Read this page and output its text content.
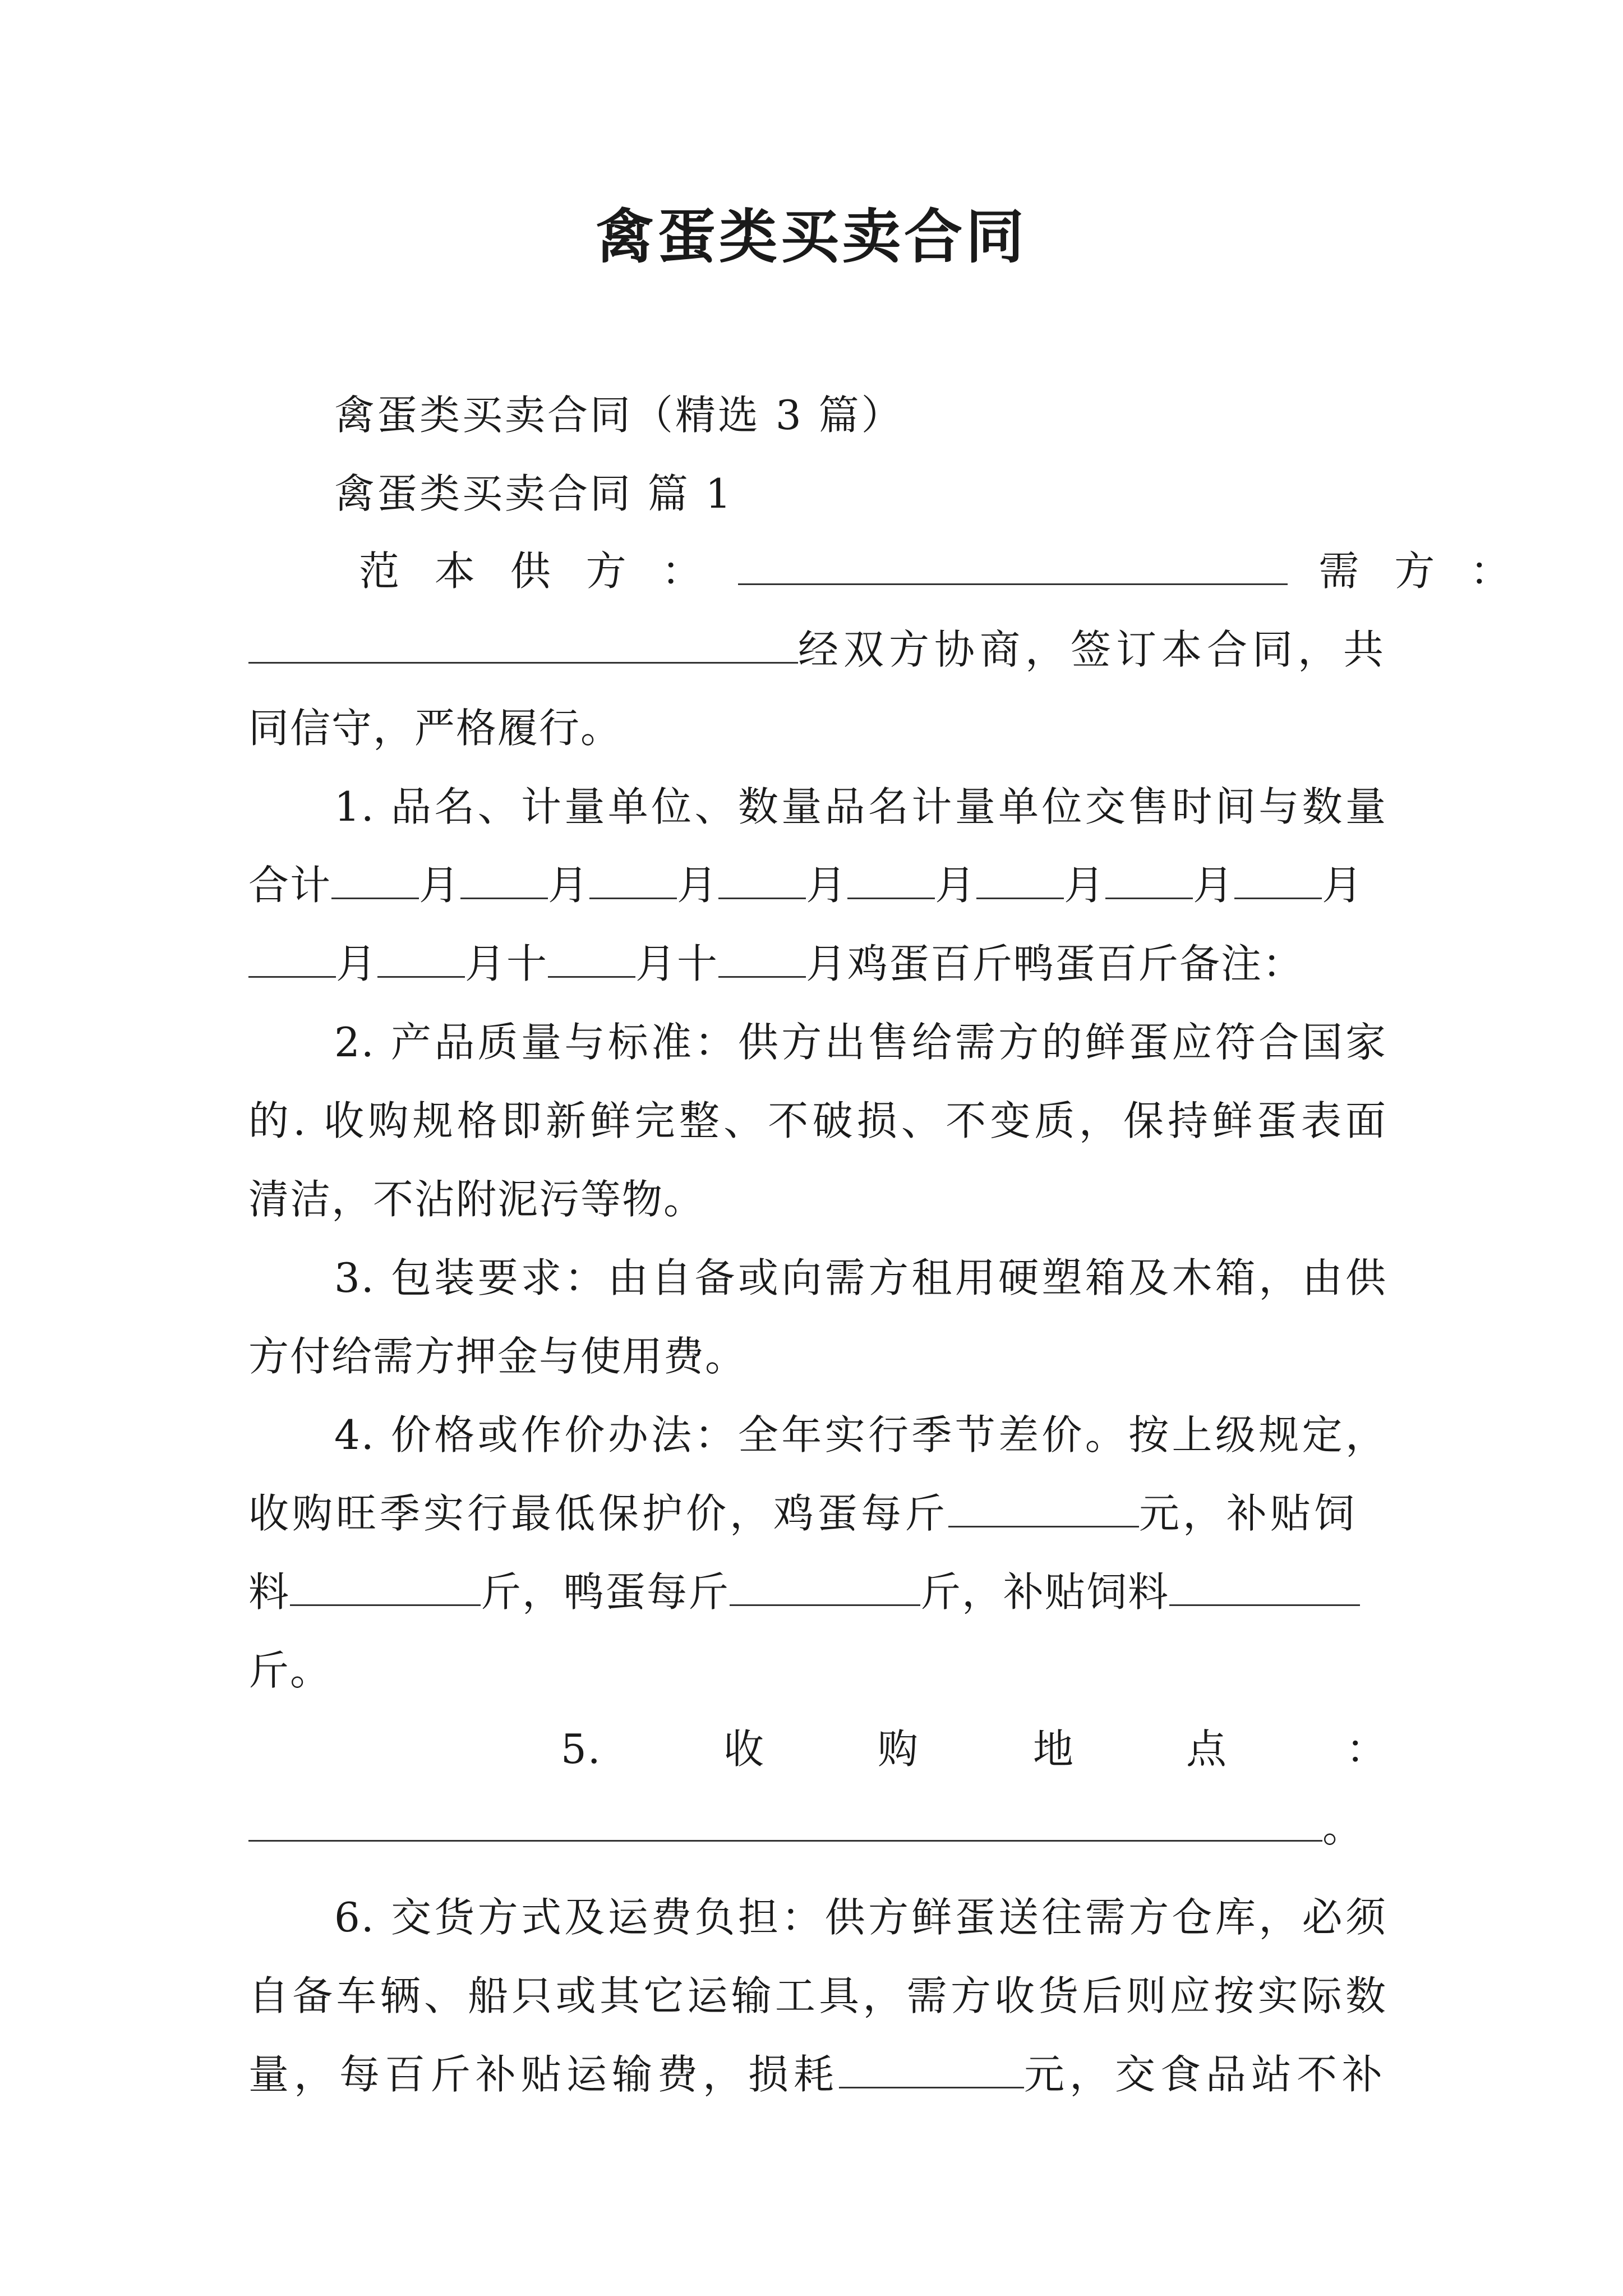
禽蛋类买卖合同
禽蛋类买卖合同（精选 3 篇）
禽蛋类买卖合同 篇 1
范 本 供 方 ：	需 方 ：
经双方协商，签订本合同，共
同信守，严格履行。
1. 品名、计量单位、数量品名计量单位交售时间与数量
合计 月 月 月 月 月 月 月 月
月 月十 月十 月鸡蛋百斤鸭蛋百斤备注：
2. 产品质量与标准：供方出售给需方的鲜蛋应符合国家
的. 收购规格即新鲜完整、不破损、不变质，保持鲜蛋表面
清洁，不沾附泥污等物。
3. 包装要求：由自备或向需方租用硬塑箱及木箱，由供
方付给需方押金与使用费。
4. 价格或作价办法：全年实行季节差价。按上级规定，
收购旺季实行最低保护价，鸡蛋每斤	元，补贴饲
料	斤，鸭蛋每斤	斤，补贴饲料
斤。
5.	收	购	地	点	：
。
6. 交货方式及运费负担：供方鲜蛋送往需方仓库，必须
自备车辆、船只或其它运输工具，需方收货后则应按实际数
量，每百斤补贴运输费，损耗	元，交食品站不补
